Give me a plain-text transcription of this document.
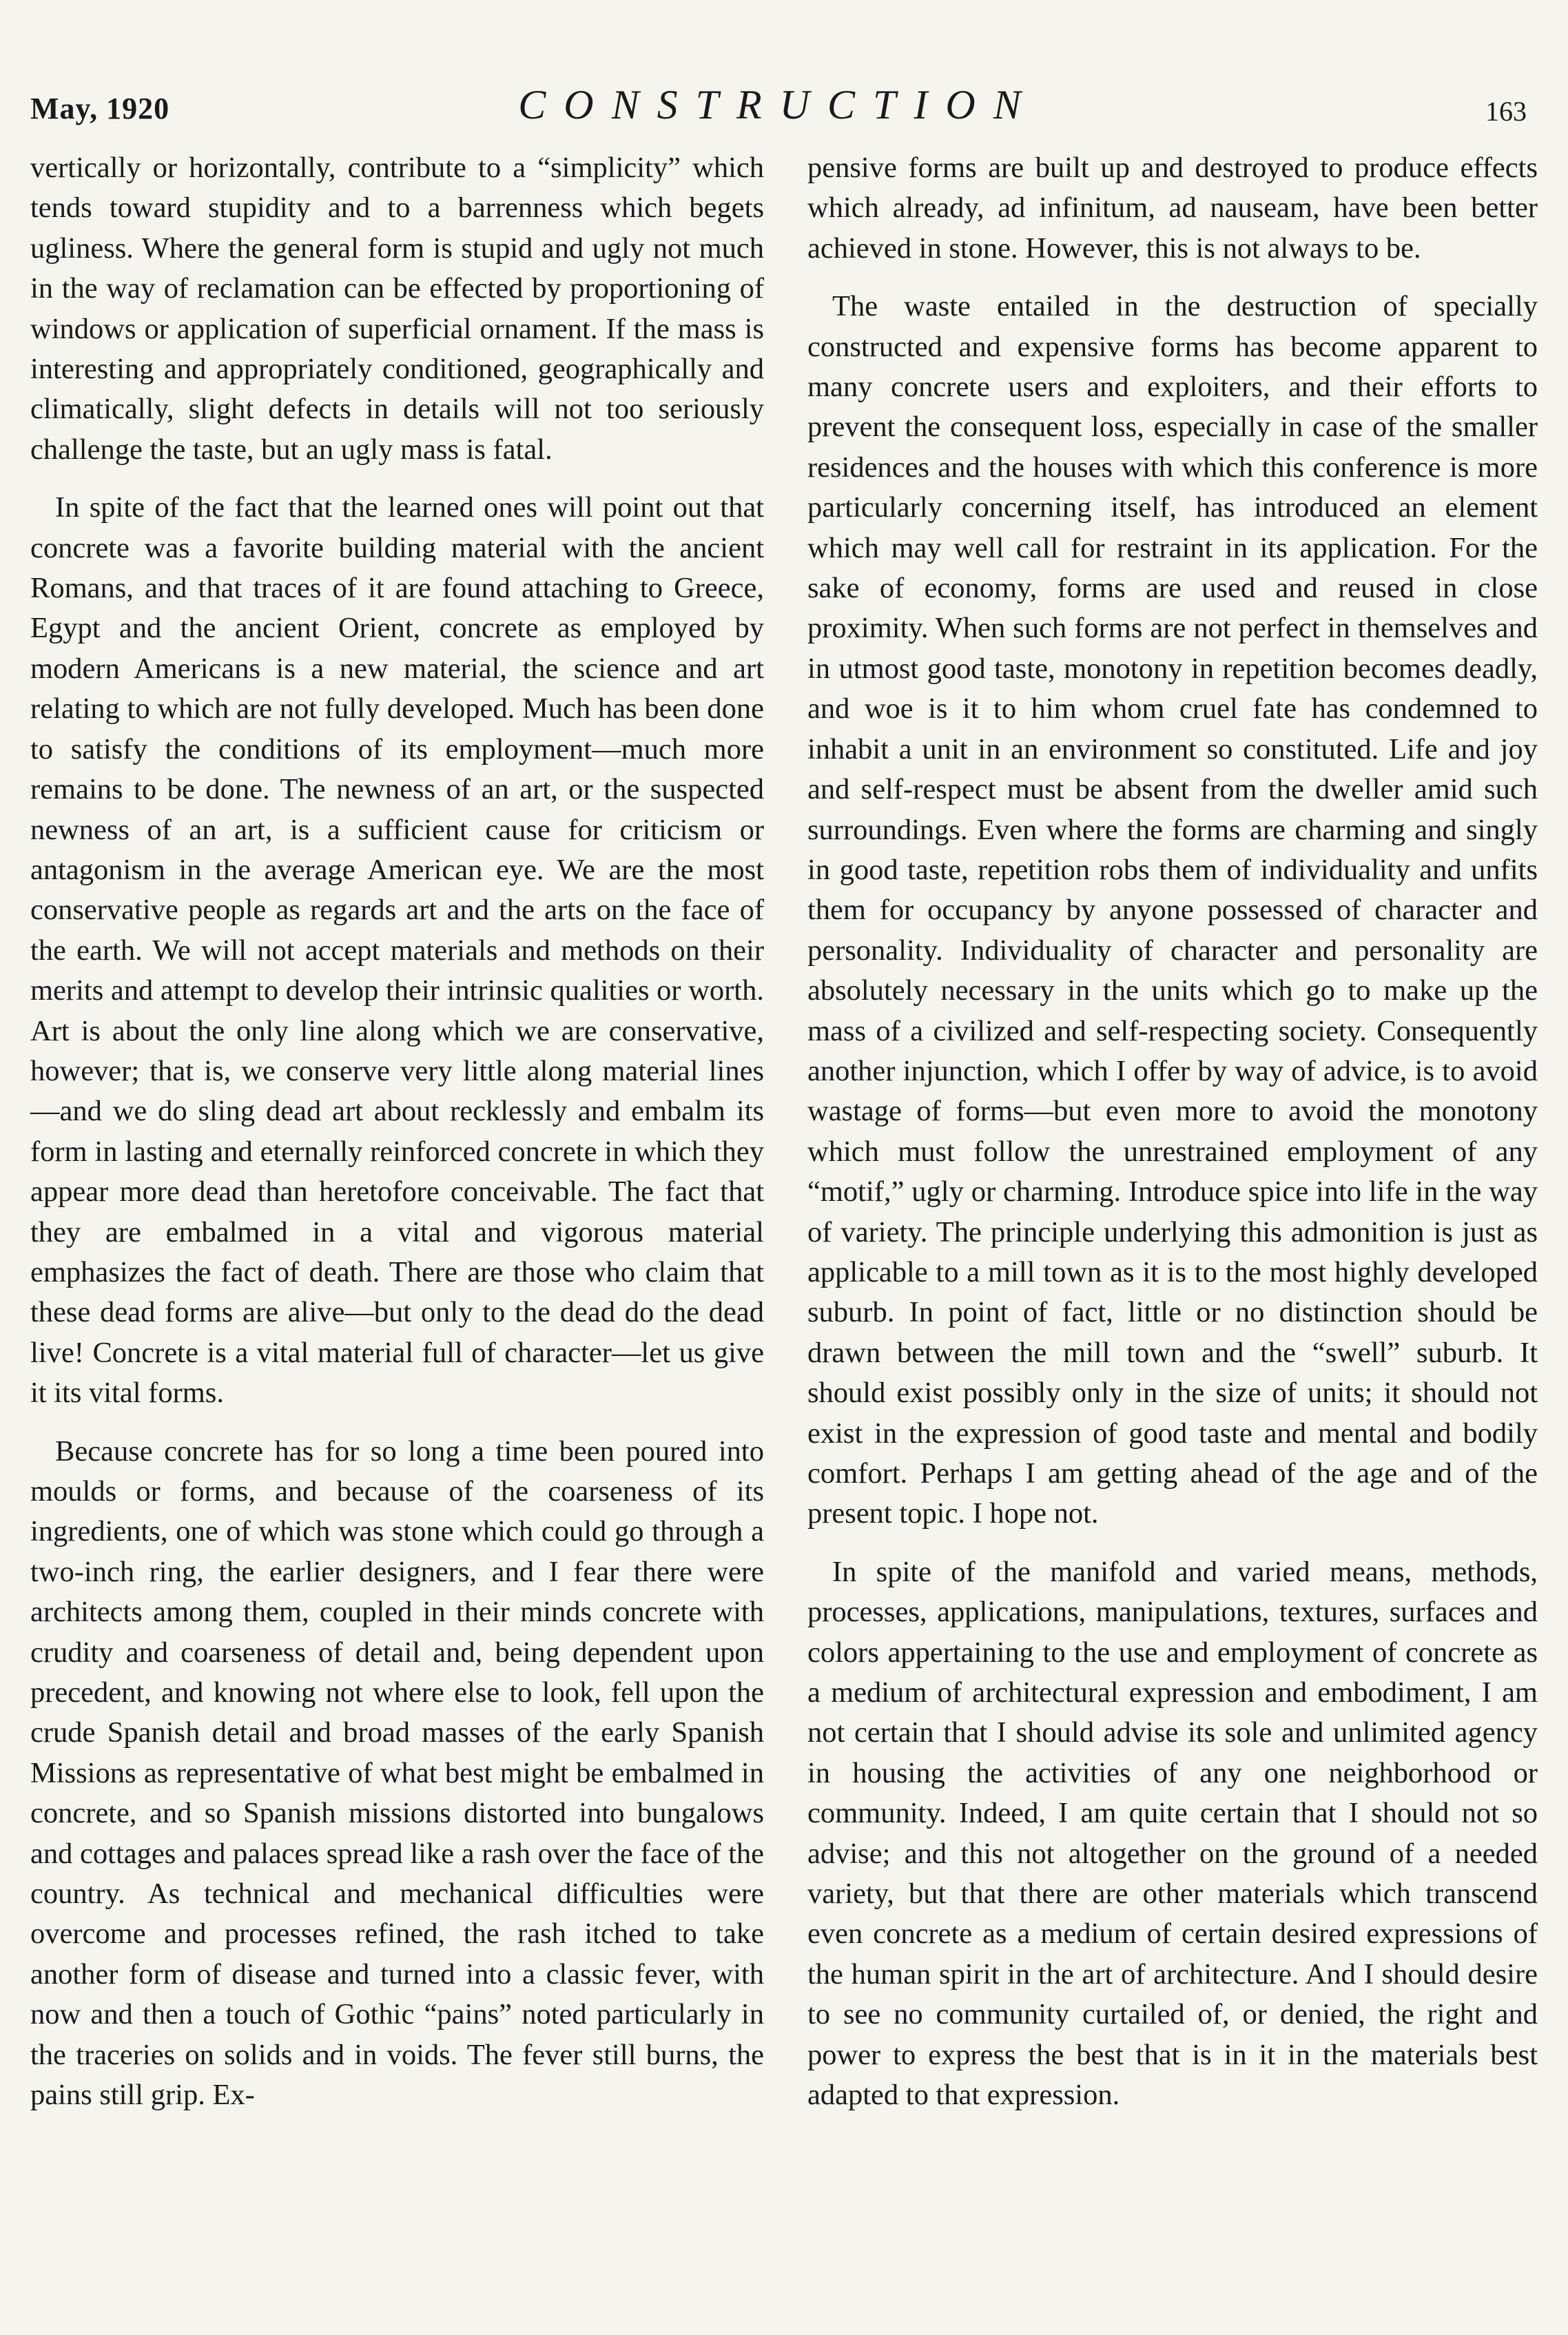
May, 1920	CONSTRUCTION	163

vertically or horizontally, contribute to a “simplicity” which tends toward stupidity and to a barrenness which begets ugliness. Where the general form is stupid and ugly not much in the way of reclamation can be effected by proportioning of windows or application of superficial ornament. If the mass is interesting and appropriately conditioned, geographically and climatically, slight defects in details will not too seriously challenge the taste, but an ugly mass is fatal.

In spite of the fact that the learned ones will point out that concrete was a favorite building material with the ancient Romans, and that traces of it are found attaching to Greece, Egypt and the ancient Orient, concrete as employed by modern Americans is a new material, the science and art relating to which are not fully developed. Much has been done to satisfy the conditions of its employment—much more remains to be done. The newness of an art, or the suspected newness of an art, is a sufficient cause for criticism or antagonism in the average American eye. We are the most conservative people as regards art and the arts on the face of the earth. We will not accept materials and methods on their merits and attempt to develop their intrinsic qualities or worth. Art is about the only line along which we are conservative, however; that is, we conserve very little along material lines—and we do sling dead art about recklessly and embalm its form in lasting and eternally reinforced concrete in which they appear more dead than heretofore conceivable. The fact that they are embalmed in a vital and vigorous material emphasizes the fact of death. There are those who claim that these dead forms are alive—but only to the dead do the dead live! Concrete is a vital material full of character—let us give it its vital forms.

Because concrete has for so long a time been poured into moulds or forms, and because of the coarseness of its ingredients, one of which was stone which could go through a two-inch ring, the earlier designers, and I fear there were architects among them, coupled in their minds concrete with crudity and coarseness of detail and, being dependent upon precedent, and knowing not where else to look, fell upon the crude Spanish detail and broad masses of the early Spanish Missions as representative of what best might be embalmed in concrete, and so Spanish missions distorted into bungalows and cottages and palaces spread like a rash over the face of the country. As technical and mechanical difficulties were overcome and processes refined, the rash itched to take another form of disease and turned into a classic fever, with now and then a touch of Gothic “pains” noted particularly in the traceries on solids and in voids. The fever still burns, the pains still grip. Ex-

pensive forms are built up and destroyed to produce effects which already, ad infinitum, ad nauseam, have been better achieved in stone. However, this is not always to be.

The waste entailed in the destruction of specially constructed and expensive forms has become apparent to many concrete users and exploiters, and their efforts to prevent the consequent loss, especially in case of the smaller residences and the houses with which this conference is more particularly concerning itself, has introduced an element which may well call for restraint in its application. For the sake of economy, forms are used and reused in close proximity. When such forms are not perfect in themselves and in utmost good taste, monotony in repetition becomes deadly, and woe is it to him whom cruel fate has condemned to inhabit a unit in an environment so constituted. Life and joy and self-respect must be absent from the dweller amid such surroundings. Even where the forms are charming and singly in good taste, repetition robs them of individuality and unfits them for occupancy by anyone possessed of character and personality. Individuality of character and personality are absolutely necessary in the units which go to make up the mass of a civilized and self-respecting society. Consequently another injunction, which I offer by way of advice, is to avoid wastage of forms—but even more to avoid the monotony which must follow the unrestrained employment of any “motif,” ugly or charming. Introduce spice into life in the way of variety. The principle underlying this admonition is just as applicable to a mill town as it is to the most highly developed suburb. In point of fact, little or no distinction should be drawn between the mill town and the “swell” suburb. It should exist possibly only in the size of units; it should not exist in the expression of good taste and mental and bodily comfort. Perhaps I am getting ahead of the age and of the present topic. I hope not.

In spite of the manifold and varied means, methods, processes, applications, manipulations, textures, surfaces and colors appertaining to the use and employment of concrete as a medium of architectural expression and embodiment, I am not certain that I should advise its sole and unlimited agency in housing the activities of any one neighborhood or community. Indeed, I am quite certain that I should not so advise; and this not altogether on the ground of a needed variety, but that there are other materials which transcend even concrete as a medium of certain desired expressions of the human spirit in the art of architecture. And I should desire to see no community curtailed of, or denied, the right and power to express the best that is in it in the materials best adapted to that expression.
